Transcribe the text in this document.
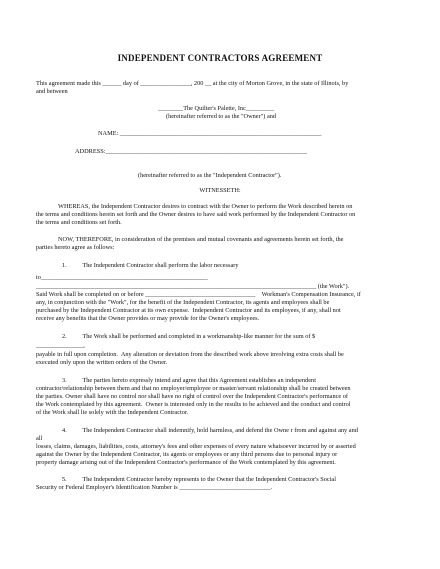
INDEPENDENT CONTRACTORS AGREEMENT
This agreement made this ______ day of ________________, 200 __ at the city of Morton Grove, in the state of Illinois, by
and between
________The Quilter's Palette, Inc_________
(hereinafter referred to as the "Owner") and
NAME: ________________________________________________________________
ADDRESS:________________________________________________________________
(hereinafter referred to as the "Independent Contractor").
WITNESSETH:
WHEREAS, the Independent Contractor desires to contract with the Owner to perform the Work described herein on
the terms and conditions herein set forth and the Owner desires to have said work performed by the Independent Contractor on
the terms and conditions set forth.
NOW, THEREFORE, in consideration of the premises and mutual covenants and agreements herein set forth, the
parties hereto agree as follows:
1.          The Independent Contractor shall perform the labor necessary
to_____________________________________________________
_________________________________________________________________________________________ (the Work").
Said Work shall be completed on or before ___________________________________    Workman's Compensation Insurance, if
any, in conjunction with the "Work", for the benefit of the Independent Contractor, its agents and employees shall be
purchased by the Independent Contractor at its own expense.  Independent Contractor and its employees, if any, shall not
receive any benefits that the Owner provides or may provide for the Owner's employees.
2.          The Work shall be performed and completed in a workmanship-like manner for the sum of $
_______________,
payable in full upon completion.  Any alteration or deviation from the described work above involving extra costs shall be
executed only upon the written orders of the Owner.
3.          The parties hereto expressly intend and agree that this Agreement establishes an independent
contractor/relationship between them and that no employer/employee or master/servant relationship shall be created between
the parties. Owner shall have no control nor shall have no right of control over the Independent Contractor's performance of
the Work contemplated by this agreement.  Owner is interested only in the results to be achieved and the conduct and control
of the Work shall lie solely with the Independent Contractor.
4.          The Independent Contractor shall indemnify, hold harmless, and defend the Owne r from and against any and
all
losses, claims, damages, liabilities, costs, attorney's fees and other expenses of every nature whatsoever incurred by or asserted
against the Owner by the Independent Contractor, its agents or employees or any third persons due to personal injury or
property damage arising out of the Independent Contractor's performance of the Work contemplated by this agreement.
5.          The Independent Contractor hereby represents to the Owner that the Independent Contractor's Social
Security or Federal Employer's Identification Number is _____________________________.
